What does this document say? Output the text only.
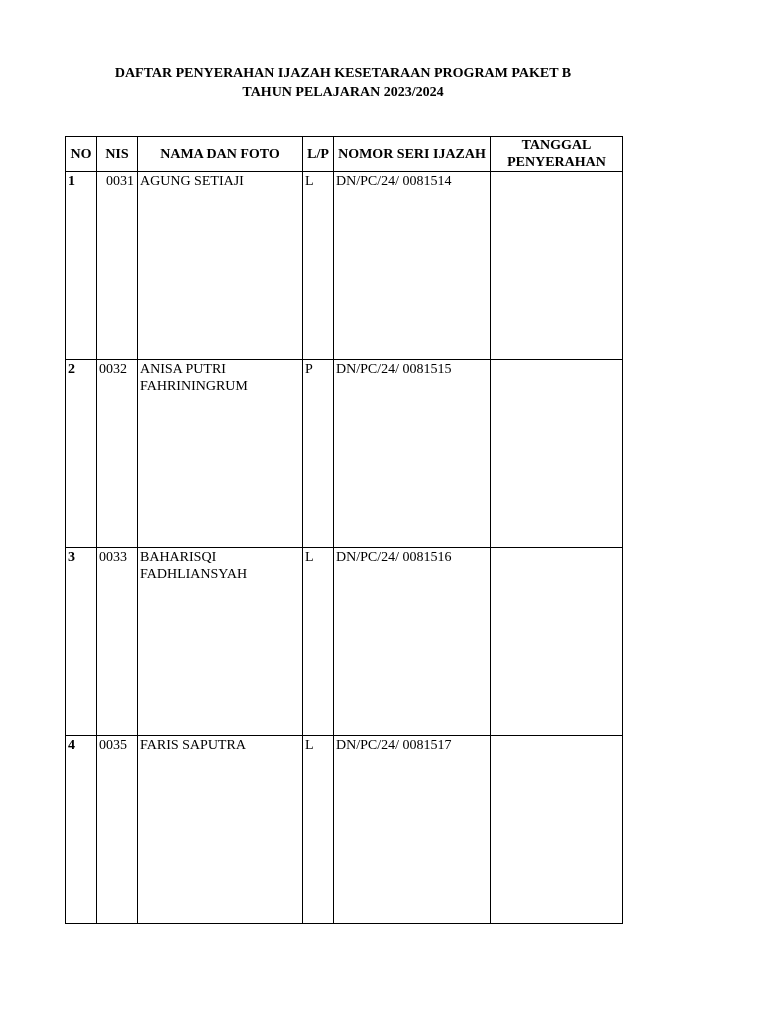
DAFTAR PENYERAHAN IJAZAH KESETARAAN PROGRAM PAKET B
TAHUN PELAJARAN 2023/2024
NO	NIS	NAMA DAN FOTO	L/P	NOMOR SERI IJAZAH	TANGGAL PENYERAHAN
1	0031	AGUNG SETIAJI	L	DN/PC/24/ 0081514	
2	0032	ANISA PUTRI FAHRININGRUM	P	DN/PC/24/ 0081515	
3	0033	BAHARISQI FADHLIANSYAH	L	DN/PC/24/ 0081516	
4	0035	FARIS SAPUTRA	L	DN/PC/24/ 0081517	
